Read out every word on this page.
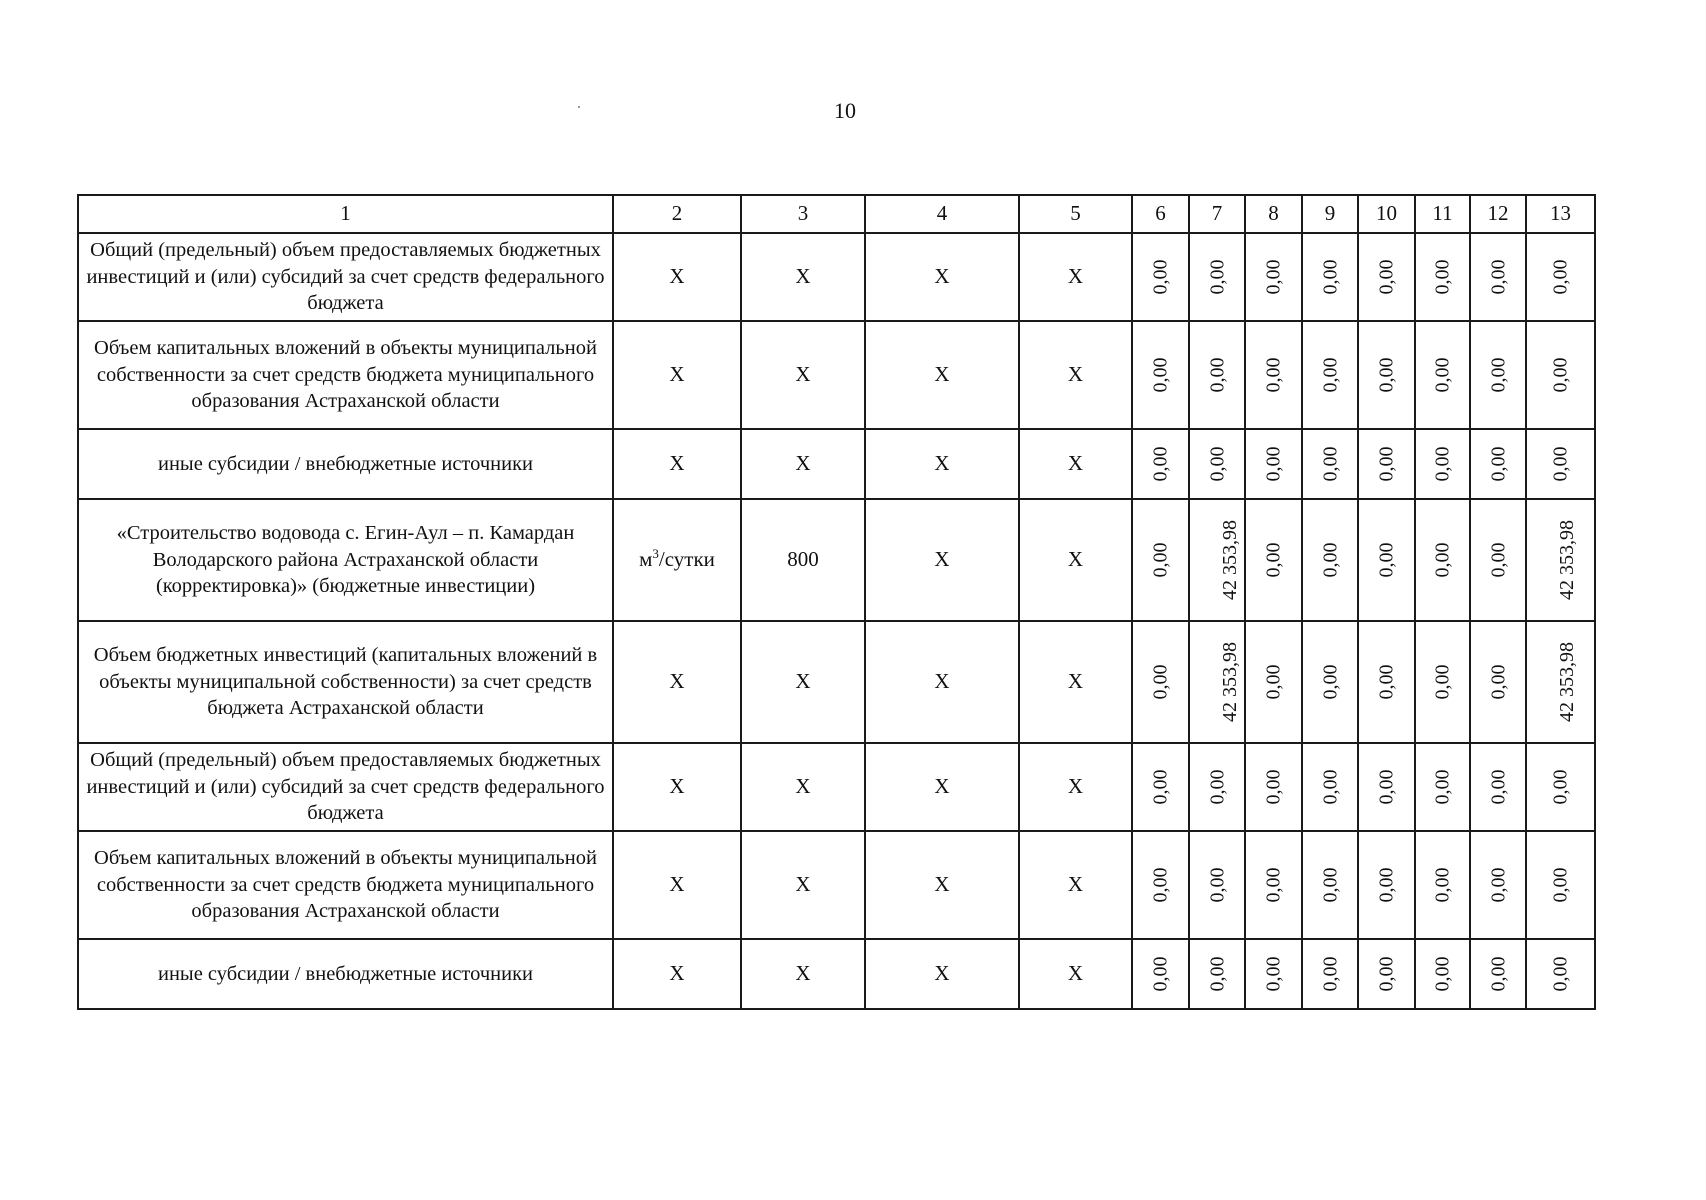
10
1	2	3	4	5	6	7	8	9	10	11	12	13
Общий (предельный) объем предоставляемых бюджетных инвестиций и (или) субсидий за счет средств федерального бюджета	X	X	X	X	0,00	0,00	0,00	0,00	0,00	0,00	0,00	0,00
Объем капитальных вложений в объекты муниципальной собственности за счет средств бюджета муниципального образования Астраханской области	X	X	X	X	0,00	0,00	0,00	0,00	0,00	0,00	0,00	0,00
иные субсидии / внебюджетные источники	X	X	X	X	0,00	0,00	0,00	0,00	0,00	0,00	0,00	0,00
«Строительство водовода с. Егин-Аул – п. Камардан Володарского района Астраханской области (корректировка)» (бюджетные инвестиции)	$м^3$/сутки	800	X	X	0,00	42 353,98	0,00	0,00	0,00	0,00	0,00	42 353,98
Объем бюджетных инвестиций (капитальных вложений в объекты муниципальной собственности) за счет средств бюджета Астраханской области	X	X	X	X	0,00	42 353,98	0,00	0,00	0,00	0,00	0,00	42 353,98
Общий (предельный) объем предоставляемых бюджетных инвестиций и (или) субсидий за счет средств федерального бюджета	X	X	X	X	0,00	0,00	0,00	0,00	0,00	0,00	0,00	0,00
Объем капитальных вложений в объекты муниципальной собственности за счет средств бюджета муниципального образования Астраханской области	X	X	X	X	0,00	0,00	0,00	0,00	0,00	0,00	0,00	0,00
иные субсидии / внебюджетные источники	X	X	X	X	0,00	0,00	0,00	0,00	0,00	0,00	0,00	0,00
